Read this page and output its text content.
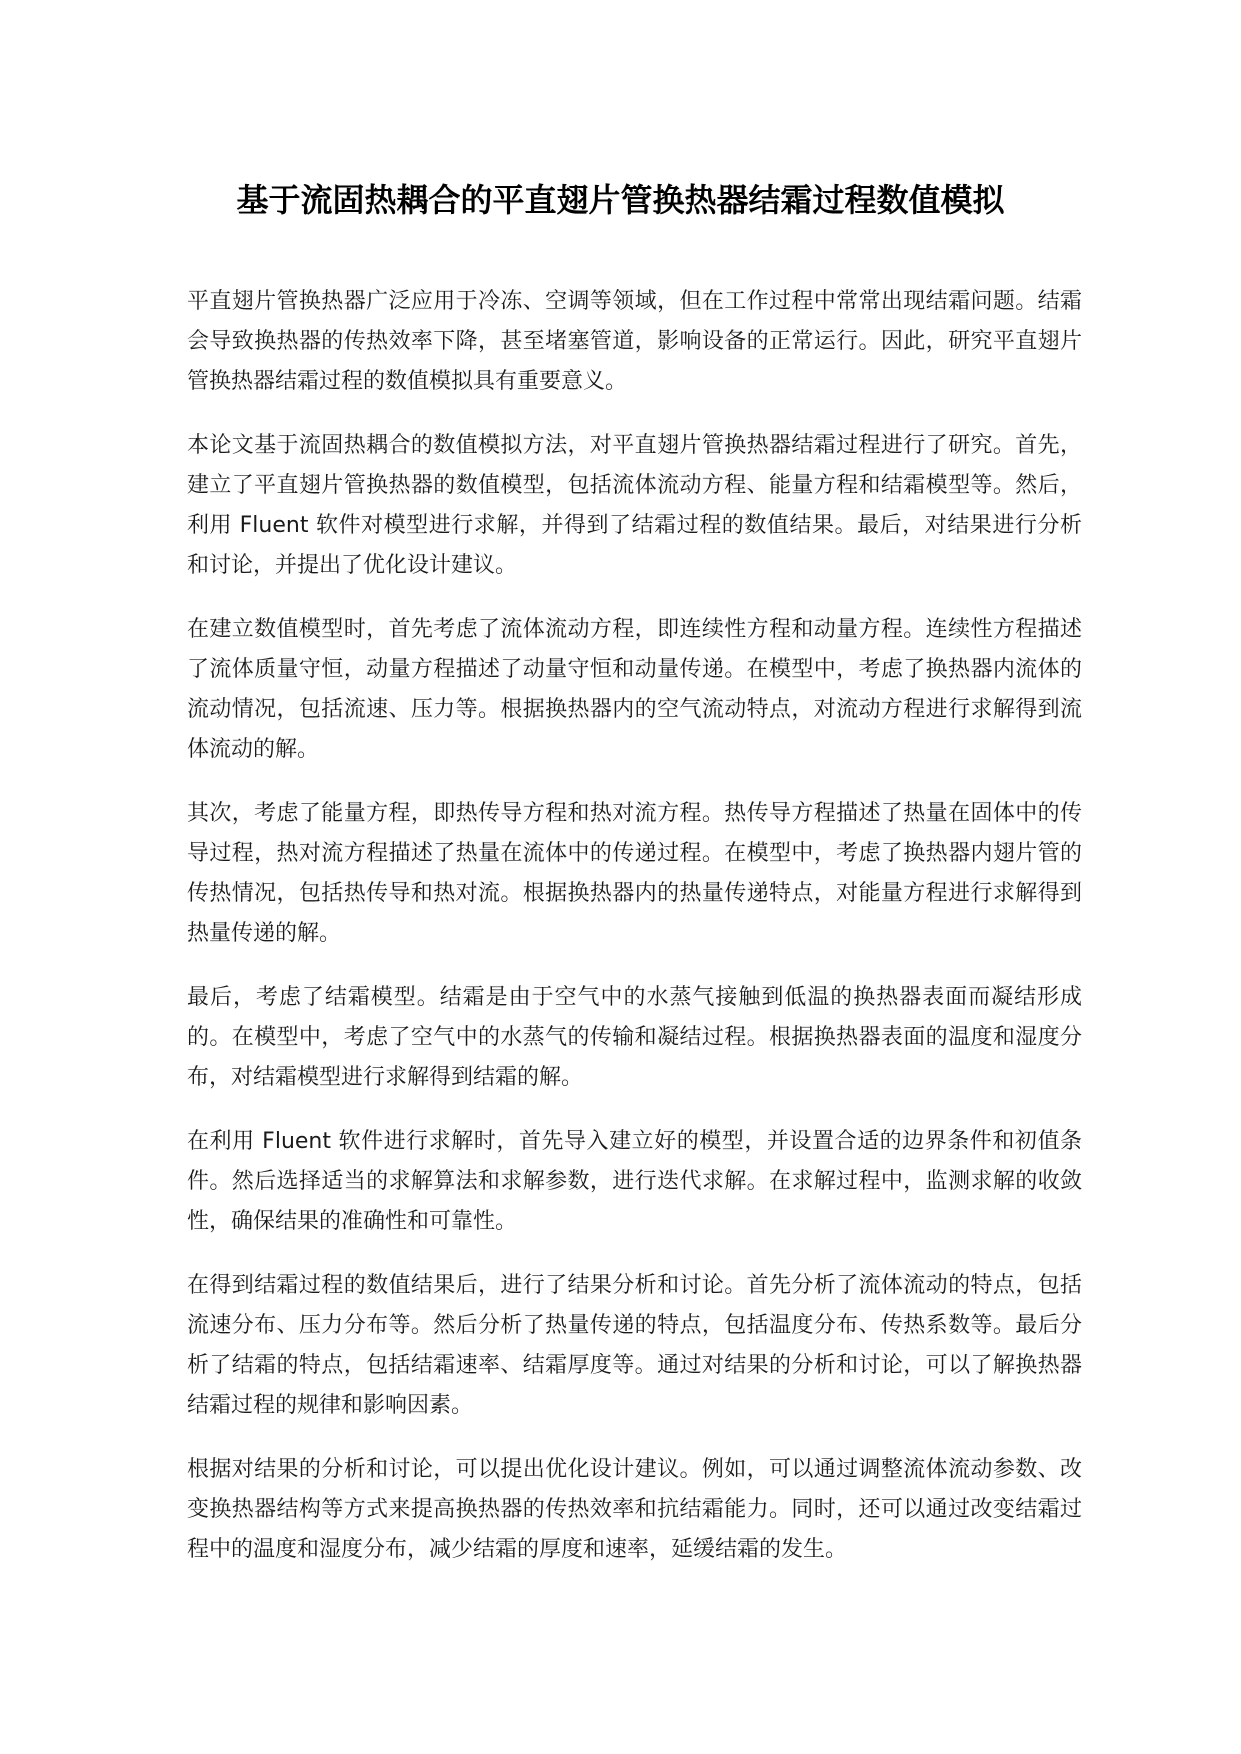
基于流固热耦合的平直翅片管换热器结霜过程数值模拟

平直翅片管换热器广泛应用于冷冻、空调等领域，但在工作过程中常常出现结霜问题。结霜会导致换热器的传热效率下降，甚至堵塞管道，影响设备的正常运行。因此，研究平直翅片管换热器结霜过程的数值模拟具有重要意义。

本论文基于流固热耦合的数值模拟方法，对平直翅片管换热器结霜过程进行了研究。首先，建立了平直翅片管换热器的数值模型，包括流体流动方程、能量方程和结霜模型等。然后，利用 Fluent 软件对模型进行求解，并得到了结霜过程的数值结果。最后，对结果进行分析和讨论，并提出了优化设计建议。

在建立数值模型时，首先考虑了流体流动方程，即连续性方程和动量方程。连续性方程描述了流体质量守恒，动量方程描述了动量守恒和动量传递。在模型中，考虑了换热器内流体的流动情况，包括流速、压力等。根据换热器内的空气流动特点，对流动方程进行求解得到流体流动的解。

其次，考虑了能量方程，即热传导方程和热对流方程。热传导方程描述了热量在固体中的传导过程，热对流方程描述了热量在流体中的传递过程。在模型中，考虑了换热器内翅片管的传热情况，包括热传导和热对流。根据换热器内的热量传递特点，对能量方程进行求解得到热量传递的解。

最后，考虑了结霜模型。结霜是由于空气中的水蒸气接触到低温的换热器表面而凝结形成的。在模型中，考虑了空气中的水蒸气的传输和凝结过程。根据换热器表面的温度和湿度分布，对结霜模型进行求解得到结霜的解。

在利用 Fluent 软件进行求解时，首先导入建立好的模型，并设置合适的边界条件和初值条件。然后选择适当的求解算法和求解参数，进行迭代求解。在求解过程中，监测求解的收敛性，确保结果的准确性和可靠性。

在得到结霜过程的数值结果后，进行了结果分析和讨论。首先分析了流体流动的特点，包括流速分布、压力分布等。然后分析了热量传递的特点，包括温度分布、传热系数等。最后分析了结霜的特点，包括结霜速率、结霜厚度等。通过对结果的分析和讨论，可以了解换热器结霜过程的规律和影响因素。

根据对结果的分析和讨论，可以提出优化设计建议。例如，可以通过调整流体流动参数、改变换热器结构等方式来提高换热器的传热效率和抗结霜能力。同时，还可以通过改变结霜过程中的温度和湿度分布，减少结霜的厚度和速率，延缓结霜的发生。
